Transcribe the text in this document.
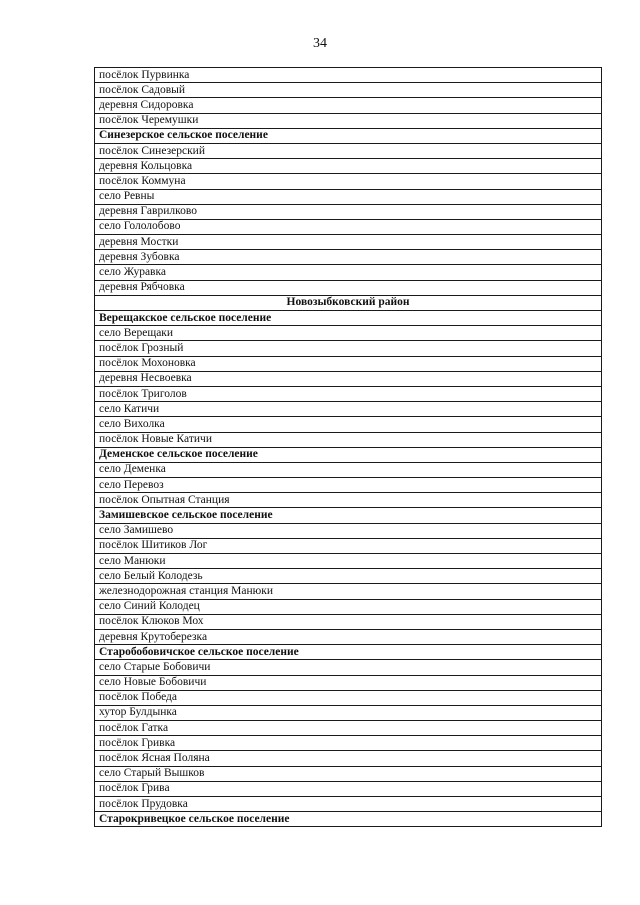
34
посёлок Пурвинка
посёлок Садовый
деревня Сидоровка
посёлок Черемушки
Синезерское сельское поселение
посёлок Синезерский
деревня Кольцовка
посёлок Коммуна
село Ревны
деревня Гаврилково
село Гололобово
деревня Мостки
деревня Зубовка
село Журавка
деревня Рябчовка
Новозыбковский район
Верещакское сельское поселение
село Верещаки
посёлок Грозный
посёлок Мохоновка
деревня Несвоевка
посёлок Триголов
село Катичи
село Вихолка
посёлок Новые Катичи
Деменское сельское поселение
село Деменка
село Перевоз
посёлок Опытная Станция
Замишевское сельское поселение
село Замишево
посёлок Шитиков Лог
село Манюки
село Белый Колодезь
железнодорожная станция Манюки
село Синий Колодец
посёлок Клюков Мох
деревня Крутоберезка
Старобобовичское сельское поселение
село Старые Бобовичи
село Новые Бобовичи
посёлок Победа
хутор Булдынка
посёлок Гатка
посёлок Гривка
посёлок Ясная Поляна
село Старый Вышков
посёлок Грива
посёлок Прудовка
Старокривецкое сельское поселение
